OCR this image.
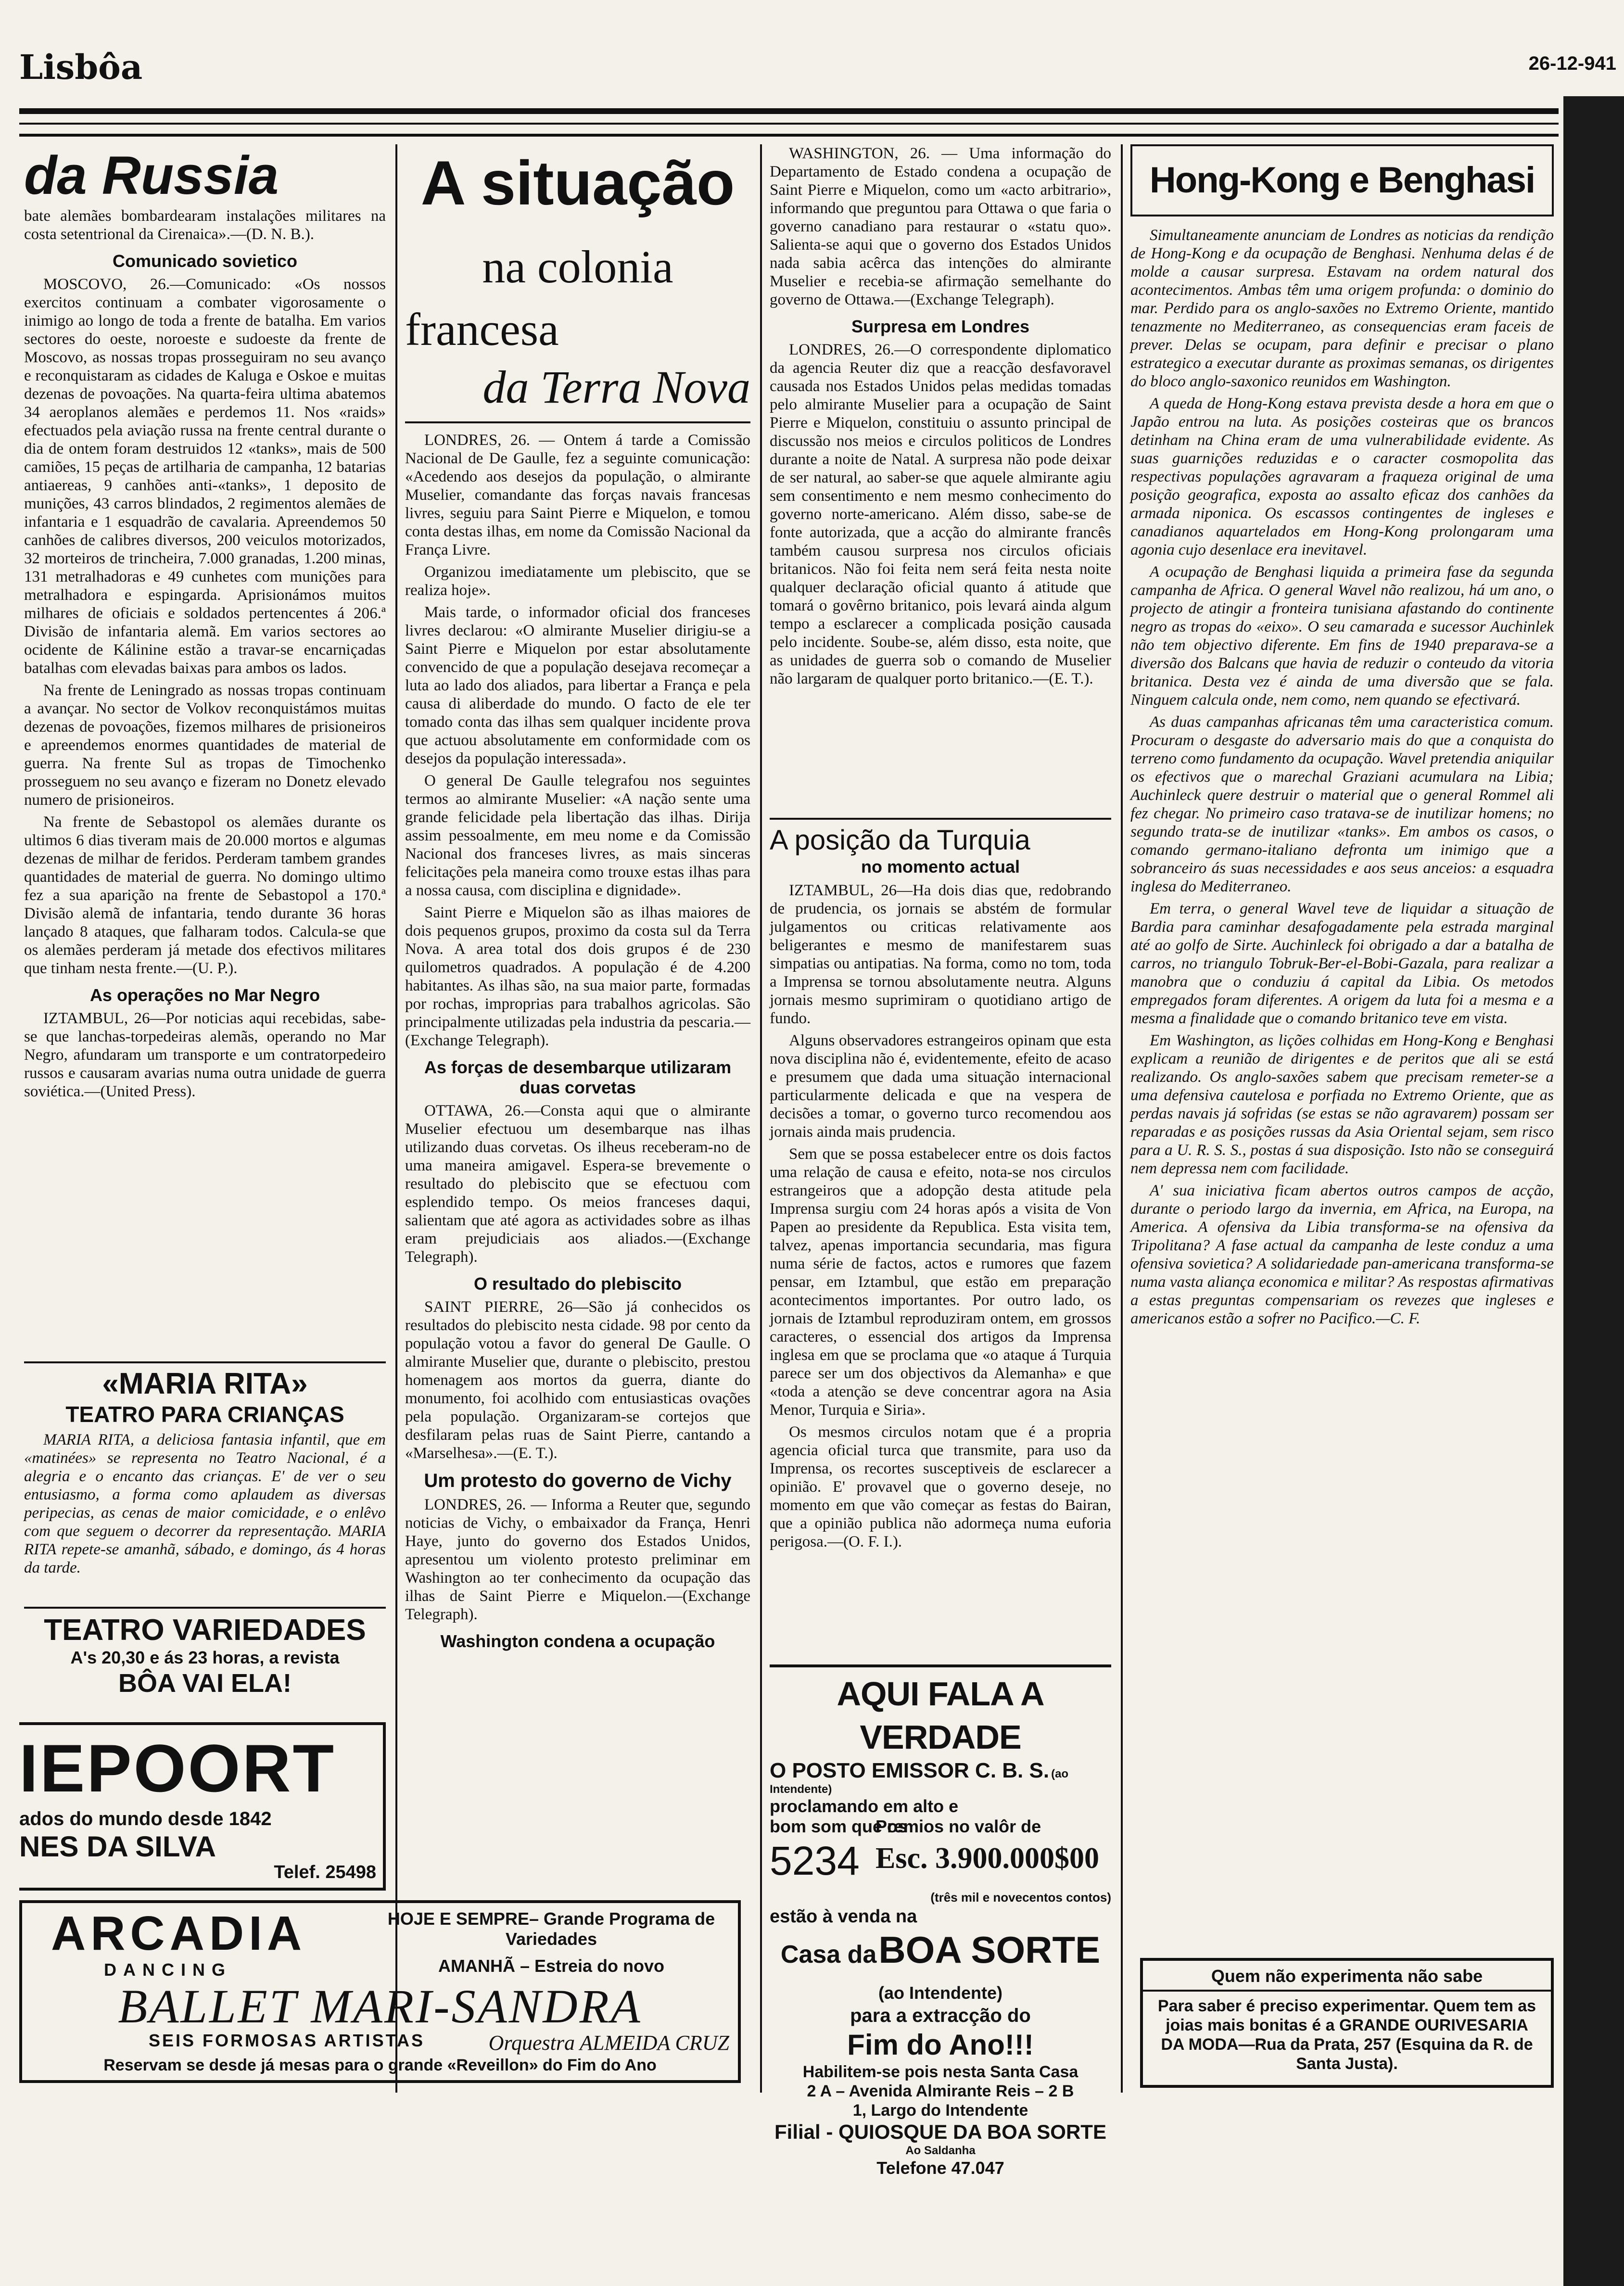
Lisbôa	26-12-941
da Russia

bate alemães bombardearam instalações militares na costa setentrional da Cirenaica».—(D. N. B.).

Comunicado sovietico

MOSCOVO, 26.—Comunicado: «Os nossos exercitos continuam a combater vigorosamente o inimigo ao longo de toda a frente de batalha. Em varios sectores do oeste, noroeste e sudoeste da frente de Moscovo, as nossas tropas prosseguiram no seu avanço e reconquistaram as cidades de Kaluga e Oskoe e muitas dezenas de povoações. Na quarta-feira ultima abatemos 34 aeroplanos alemães e perdemos 11. Nos «raids» efectuados pela aviação russa na frente central durante o dia de ontem foram destruidos 12 «tanks», mais de 500 camiões, 15 peças de artilharia de campanha, 12 batarias antiaereas, 9 canhões anti-«tanks», 1 deposito de munições, 43 carros blindados, 2 regimentos alemães de infantaria e 1 esquadrão de cavalaria. Apreendemos 50 canhões de calibres diversos, 200 veiculos motorizados, 32 morteiros de trincheira, 7.000 granadas, 1.200 minas, 131 metralhadoras e 49 cunhetes com munições para metralhadora e espingarda. Aprisionámos muitos milhares de oficiais e soldados pertencentes á 206.ª Divisão de infantaria alemã. Em varios sectores ao ocidente de Kálinine estão a travar-se encarniçadas batalhas com elevadas baixas para ambos os lados.

Na frente de Leningrado as nossas tropas continuam a avançar. No sector de Volkov reconquistámos muitas dezenas de povoações, fizemos milhares de prisioneiros e apreendemos enormes quantidades de material de guerra. Na frente Sul as tropas de Timochenko prosseguem no seu avanço e fizeram no Donetz elevado numero de prisioneiros.

Na frente de Sebastopol os alemães durante os ultimos 6 dias tiveram mais de 20.000 mortos e algumas dezenas de milhar de feridos. Perderam tambem grandes quantidades de material de guerra. No domingo ultimo fez a sua aparição na frente de Sebastopol a 170.ª Divisão alemã de infantaria, tendo durante 36 horas lançado 8 ataques, que falharam todos. Calcula-se que os alemães perderam já metade dos efectivos militares que tinham nesta frente.—(U. P.).

As operações no Mar Negro

IZTAMBUL, 26—Por noticias aqui recebidas, sabe-se que lanchas-torpedeiras alemãs, operando no Mar Negro, afundaram um transporte e um contratorpedeiro russos e causaram avarias numa outra unidade de guerra soviética.—(United Press).

«MARIA RITA»
TEATRO PARA CRIANÇAS

MARIA RITA, a deliciosa fantasia infantil, que em «matinées» se representa no Teatro Nacional, é a alegria e o encanto das crianças. E' de ver o seu entusiasmo, a forma como aplaudem as diversas peripecias, as cenas de maior comicidade, e o enlêvo com que seguem o decorrer da representação. MARIA RITA repete-se amanhã, sábado, e domingo, ás 4 horas da tarde.

TEATRO VARIEDADES
A's 20,30 e ás 23 horas, a revista
BÔA VAI ELA!
IEPOORT
ados do mundo desde 1842
NES DA SILVA
Telef. 25498
ARCADIA
DANCING
HOJE E SEMPRE– Grande Programa de Variedades
AMANHÃ – Estreia do novo
BALLET MARI-SANDRA
SEIS FORMOSAS ARTISTAS	Orquestra ALMEIDA CRUZ
Reservam se desde já mesas para o grande «Reveillon» do Fim do Ano
A situação
na colonia
francesa
da Terra Nova

LONDRES, 26. — Ontem á tarde a Comissão Nacional de De Gaulle, fez a seguinte comunicação: «Acedendo aos desejos da população, o almirante Muselier, comandante das forças navais francesas livres, seguiu para Saint Pierre e Miquelon, e tomou conta destas ilhas, em nome da Comissão Nacional da França Livre.

Organizou imediatamente um plebiscito, que se realiza hoje».

Mais tarde, o informador oficial dos franceses livres declarou: «O almirante Muselier dirigiu-se a Saint Pierre e Miquelon por estar absolutamente convencido de que a população desejava recomeçar a luta ao lado dos aliados, para libertar a França e pela causa di aliberdade do mundo. O facto de ele ter tomado conta das ilhas sem qualquer incidente prova que actuou absolutamente em conformidade com os desejos da população interessada».

O general De Gaulle telegrafou nos seguintes termos ao almirante Muselier: «A nação sente uma grande felicidade pela libertação das ilhas. Dirija assim pessoalmente, em meu nome e da Comissão Nacional dos franceses livres, as mais sinceras felicitações pela maneira como trouxe estas ilhas para a nossa causa, com disciplina e dignidade».

Saint Pierre e Miquelon são as ilhas maiores de dois pequenos grupos, proximo da costa sul da Terra Nova. A area total dos dois grupos é de 230 quilometros quadrados. A população é de 4.200 habitantes. As ilhas são, na sua maior parte, formadas por rochas, improprias para trabalhos agricolas. São principalmente utilizadas pela industria da pescaria.—(Exchange Telegraph).

As forças de desembarque utilizaram duas corvetas

OTTAWA, 26.—Consta aqui que o almirante Muselier efectuou um desembarque nas ilhas utilizando duas corvetas. Os ilheus receberam-no de uma maneira amigavel. Espera-se brevemente o resultado do plebiscito que se efectuou com esplendido tempo. Os meios franceses daqui, salientam que até agora as actividades sobre as ilhas eram prejudiciais aos aliados.—(Exchange Telegraph).

O resultado do plebiscito

SAINT PIERRE, 26—São já conhecidos os resultados do plebiscito nesta cidade. 98 por cento da população votou a favor do general De Gaulle. O almirante Muselier que, durante o plebiscito, prestou homenagem aos mortos da guerra, diante do monumento, foi acolhido com entusiasticas ovações pela população. Organizaram-se cortejos que desfilaram pelas ruas de Saint Pierre, cantando a «Marselhesa».—(E. T.).

Um protesto do governo de Vichy

LONDRES, 26. — Informa a Reuter que, segundo noticias de Vichy, o embaixador da França, Henri Haye, junto do governo dos Estados Unidos, apresentou um violento protesto preliminar em Washington ao ter conhecimento da ocupação das ilhas de Saint Pierre e Miquelon.—(Exchange Telegraph).

Washington condena a ocupação

WASHINGTON, 26. — Uma informação do Departamento de Estado condena a ocupação de Saint Pierre e Miquelon, como um «acto arbitrario», informando que preguntou para Ottawa o que faria o governo canadiano para restaurar o «statu quo». Salienta-se aqui que o governo dos Estados Unidos nada sabia acêrca das intenções do almirante Muselier e recebia-se afirmação semelhante do governo de Ottawa.—(Exchange Telegraph).

Surpresa em Londres

LONDRES, 26.—O correspondente diplomatico da agencia Reuter diz que a reacção desfavoravel causada nos Estados Unidos pelas medidas tomadas pelo almirante Muselier para a ocupação de Saint Pierre e Miquelon, constituiu o assunto principal de discussão nos meios e circulos politicos de Londres durante a noite de Natal. A surpresa não pode deixar de ser natural, ao saber-se que aquele almirante agiu sem consentimento e nem mesmo conhecimento do governo norte-americano. Além disso, sabe-se de fonte autorizada, que a acção do almirante francês também causou surpresa nos circulos oficiais britanicos. Não foi feita nem será feita nesta noite qualquer declaração oficial quanto á atitude que tomará o govêrno britanico, pois levará ainda algum tempo a esclarecer a complicada posição causada pelo incidente. Soube-se, além disso, esta noite, que as unidades de guerra sob o comando de Muselier não largaram de qualquer porto britanico.—(E. T.).

A posição da Turquia
no momento actual

IZTAMBUL, 26—Ha dois dias que, redobrando de prudencia, os jornais se abstém de formular julgamentos ou criticas relativamente aos beligerantes e mesmo de manifestarem suas simpatias ou antipatias. Na forma, como no tom, toda a Imprensa se tornou absolutamente neutra. Alguns jornais mesmo suprimiram o quotidiano artigo de fundo.

Alguns observadores estrangeiros opinam que esta nova disciplina não é, evidentemente, efeito de acaso e presumem que dada uma situação internacional particularmente delicada e que na vespera de decisões a tomar, o governo turco recomendou aos jornais ainda mais prudencia.

Sem que se possa estabelecer entre os dois factos uma relação de causa e efeito, nota-se nos circulos estrangeiros que a adopção desta atitude pela Imprensa surgiu com 24 horas após a visita de Von Papen ao presidente da Republica. Esta visita tem, talvez, apenas importancia secundaria, mas figura numa série de factos, actos e rumores que fazem pensar, em Iztambul, que estão em preparação acontecimentos importantes. Por outro lado, os jornais de Iztambul reproduziram ontem, em grossos caracteres, o essencial dos artigos da Imprensa inglesa em que se proclama que «o ataque á Turquia parece ser um dos objectivos da Alemanha» e que «toda a atenção se deve concentrar agora na Asia Menor, Turquia e Siria».

Os mesmos circulos notam que é a propria agencia oficial turca que transmite, para uso da Imprensa, os recortes susceptiveis de esclarecer a opinião. E' provavel que o governo deseje, no momento em que vão começar as festas do Bairan, que a opinião publica não adormeça numa euforia perigosa.—(O. F. I.).

AQUI FALA A VERDADE
O POSTO EMISSOR C. B. S. (ao Intendente)
proclamando em alto e bom som que os
5234
Premios no valôr de
Esc. 3.900.000$00
(três mil e novecentos contos)
estão à venda na
Casa da BOA SORTE
(ao Intendente)
para a extracção do
Fim do Ano!!!
Habilitem-se pois nesta Santa Casa
2 A – Avenida Almirante Reis – 2 B
1, Largo do Intendente
Filial - QUIOSQUE DA BOA SORTE
Ao Saldanha
Telefone 47.047
Hong-Kong e Benghasi

Simultaneamente anunciam de Londres as noticias da rendição de Hong-Kong e da ocupação de Benghasi. Nenhuma delas é de molde a causar surpresa. Estavam na ordem natural dos acontecimentos. Ambas têm uma origem profunda: o dominio do mar. Perdido para os anglo-saxões no Extremo Oriente, mantido tenazmente no Mediterraneo, as consequencias eram faceis de prever. Delas se ocupam, para definir e precisar o plano estrategico a executar durante as proximas semanas, os dirigentes do bloco anglo-saxonico reunidos em Washington.

A queda de Hong-Kong estava prevista desde a hora em que o Japão entrou na luta. As posições costeiras que os brancos detinham na China eram de uma vulnerabilidade evidente. As suas guarnições reduzidas e o caracter cosmopolita das respectivas populações agravaram a fraqueza original de uma posição geografica, exposta ao assalto eficaz dos canhões da armada niponica. Os escassos contingentes de ingleses e canadianos aquartelados em Hong-Kong prolongaram uma agonia cujo desenlace era inevitavel.

A ocupação de Benghasi liquida a primeira fase da segunda campanha de Africa. O general Wavel não realizou, há um ano, o projecto de atingir a fronteira tunisiana afastando do continente negro as tropas do «eixo». O seu camarada e sucessor Auchinlek não tem objectivo diferente. Em fins de 1940 preparava-se a diversão dos Balcans que havia de reduzir o conteudo da vitoria britanica. Desta vez é ainda de uma diversão que se fala. Ninguem calcula onde, nem como, nem quando se efectivará.

As duas campanhas africanas têm uma caracteristica comum. Procuram o desgaste do adversario mais do que a conquista do terreno como fundamento da ocupação. Wavel pretendia aniquilar os efectivos que o marechal Graziani acumulara na Libia; Auchinleck quere destruir o material que o general Rommel ali fez chegar. No primeiro caso tratava-se de inutilizar homens; no segundo trata-se de inutilizar «tanks». Em ambos os casos, o comando germano-italiano defronta um inimigo que a sobranceiro ás suas necessidades e aos seus anceios: a esquadra inglesa do Mediterraneo.

Em terra, o general Wavel teve de liquidar a situação de Bardia para caminhar desafogadamente pela estrada marginal até ao golfo de Sirte. Auchinleck foi obrigado a dar a batalha de carros, no triangulo Tobruk-Ber-el-Bobi-Gazala, para realizar a manobra que o conduziu á capital da Libia. Os metodos empregados foram diferentes. A origem da luta foi a mesma e a mesma a finalidade que o comando britanico teve em vista.

Em Washington, as lições colhidas em Hong-Kong e Benghasi explicam a reunião de dirigentes e de peritos que ali se está realizando. Os anglo-saxões sabem que precisam remeter-se a uma defensiva cautelosa e porfiada no Extremo Oriente, que as perdas navais já sofridas (se estas se não agravarem) possam ser reparadas e as posições russas da Asia Oriental sejam, sem risco para a U. R. S. S., postas á sua disposição. Isto não se conseguirá nem depressa nem com facilidade.

A' sua iniciativa ficam abertos outros campos de acção, durante o periodo largo da invernia, em Africa, na Europa, na America. A ofensiva da Libia transforma-se na ofensiva da Tripolitana? A fase actual da campanha de leste conduz a uma ofensiva sovietica? A solidariedade pan-americana transforma-se numa vasta aliança economica e militar? As respostas afirmativas a estas preguntas compensariam os revezes que ingleses e americanos estão a sofrer no Pacifico.—C. F.

Quem não experimenta não sabe
Para saber é preciso experimentar. Quem tem as joias mais bonitas é a GRANDE OURIVESARIA DA MODA—Rua da Prata, 257 (Esquina da R. de Santa Justa).
